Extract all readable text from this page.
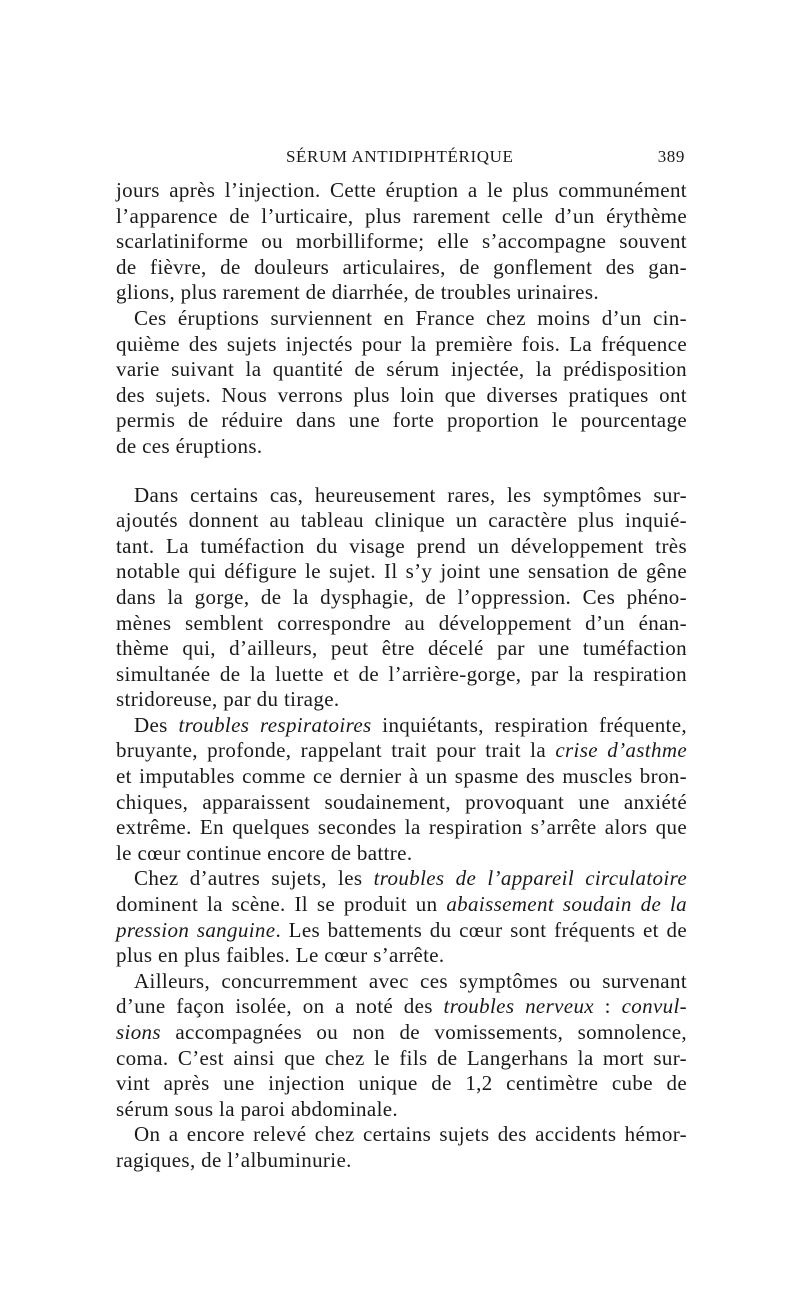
SÉRUM ANTIDIPHTÉRIQUE	389
jours après l’injection. Cette éruption a le plus communément
l’apparence de l’urticaire, plus rarement celle d’un érythème
scarlatiniforme ou morbilliforme; elle s’accompagne souvent
de fièvre, de douleurs articulaires, de gonflement des gan-
glions, plus rarement de diarrhée, de troubles urinaires.
Ces éruptions surviennent en France chez moins d’un cin-
quième des sujets injectés pour la première fois. La fréquence
varie suivant la quantité de sérum injectée, la prédisposition
des sujets. Nous verrons plus loin que diverses pratiques ont
permis de réduire dans une forte proportion le pourcentage
de ces éruptions.
Dans certains cas, heureusement rares, les symptômes sur-
ajoutés donnent au tableau clinique un caractère plus inquié-
tant. La tuméfaction du visage prend un développement très
notable qui défigure le sujet. Il s’y joint une sensation de gêne
dans la gorge, de la dysphagie, de l’oppression. Ces phéno-
mènes semblent correspondre au développement d’un énan-
thème qui, d’ailleurs, peut être décelé par une tuméfaction
simultanée de la luette et de l’arrière-gorge, par la respiration
stridoreuse, par du tirage.
Des troubles respiratoires inquiétants, respiration fréquente,
bruyante, profonde, rappelant trait pour trait la crise d’asthme
et imputables comme ce dernier à un spasme des muscles bron-
chiques, apparaissent soudainement, provoquant une anxiété
extrême. En quelques secondes la respiration s’arrête alors que
le cœur continue encore de battre.
Chez d’autres sujets, les troubles de l’appareil circulatoire
dominent la scène. Il se produit un abaissement soudain de la
pression sanguine. Les battements du cœur sont fréquents et de
plus en plus faibles. Le cœur s’arrête.
Ailleurs, concurremment avec ces symptômes ou survenant
d’une façon isolée, on a noté des troubles nerveux : convul-
sions accompagnées ou non de vomissements, somnolence,
coma. C’est ainsi que chez le fils de Langerhans la mort sur-
vint après une injection unique de 1,2 centimètre cube de
sérum sous la paroi abdominale.
On a encore relevé chez certains sujets des accidents hémor-
ragiques, de l’albuminurie.
